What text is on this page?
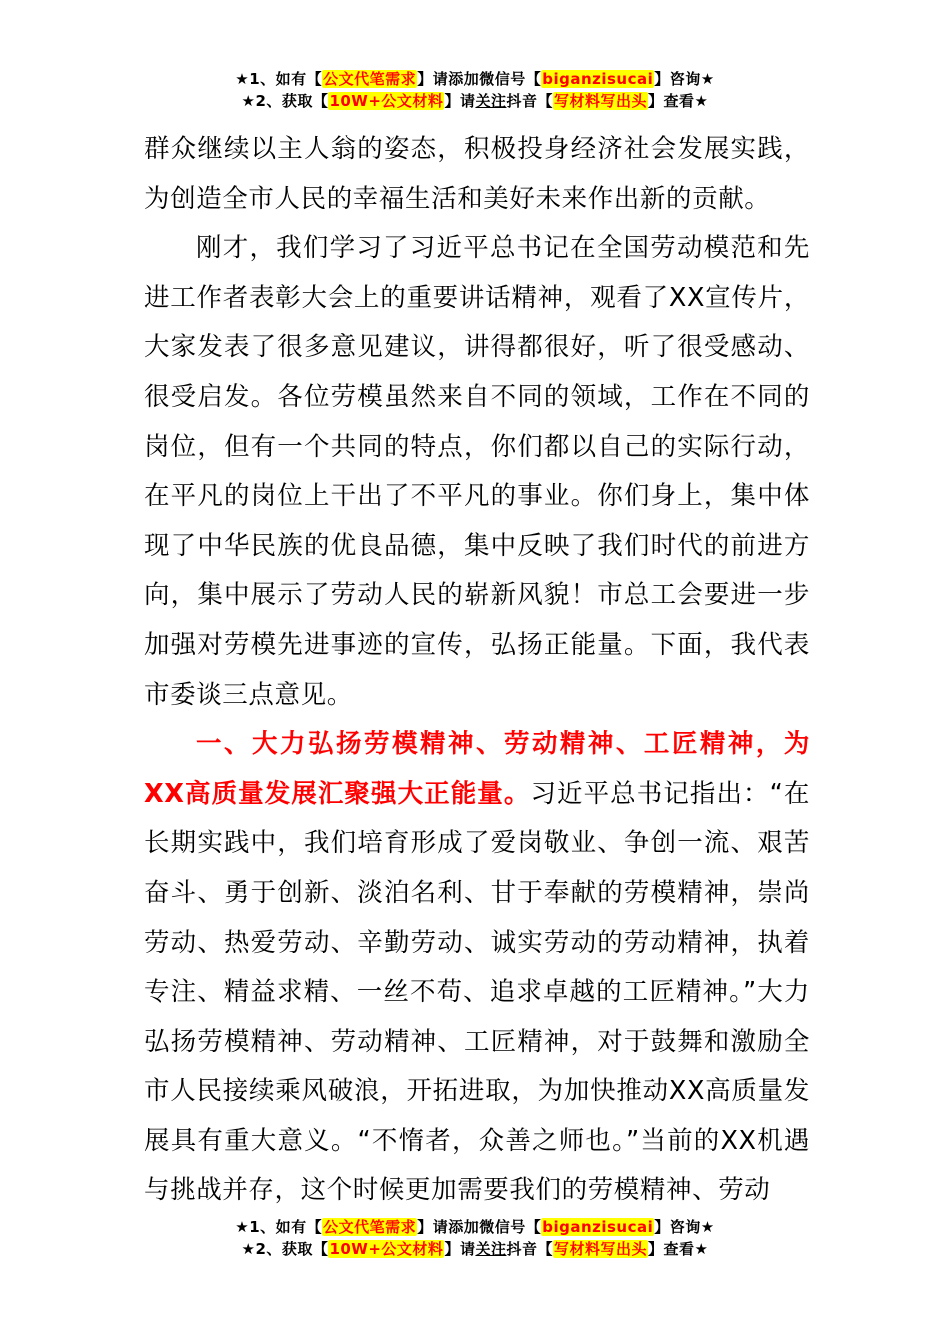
★1、如有【公文代笔需求】请添加微信号【biganzisucai】咨询★
★2、获取【10W+公文材料】请关注抖音【写材料写出头】查看★

群众继续以主人翁的姿态，积极投身经济社会发展实践，为创造全市人民的幸福生活和美好未来作出新的贡献。

刚才，我们学习了习近平总书记在全国劳动模范和先进工作者表彰大会上的重要讲话精神，观看了XX宣传片，大家发表了很多意见建议，讲得都很好，听了很受感动、很受启发。各位劳模虽然来自不同的领域，工作在不同的岗位，但有一个共同的特点，你们都以自己的实际行动，在平凡的岗位上干出了不平凡的事业。你们身上，集中体现了中华民族的优良品德，集中反映了我们时代的前进方向，集中展示了劳动人民的崭新风貌！市总工会要进一步加强对劳模先进事迹的宣传，弘扬正能量。下面，我代表市委谈三点意见。

一、大力弘扬劳模精神、劳动精神、工匠精神，为XX高质量发展汇聚强大正能量。习近平总书记指出：“在长期实践中，我们培育形成了爱岗敬业、争创一流、艰苦奋斗、勇于创新、淡泊名利、甘于奉献的劳模精神，崇尚劳动、热爱劳动、辛勤劳动、诚实劳动的劳动精神，执着专注、精益求精、一丝不苟、追求卓越的工匠精神。”大力弘扬劳模精神、劳动精神、工匠精神，对于鼓舞和激励全市人民接续乘风破浪，开拓进取，为加快推动XX高质量发展具有重大意义。“不惰者，众善之师也。”当前的XX机遇与挑战并存，这个时候更加需要我们的劳模精神、劳动

★1、如有【公文代笔需求】请添加微信号【biganzisucai】咨询★
★2、获取【10W+公文材料】请关注抖音【写材料写出头】查看★
